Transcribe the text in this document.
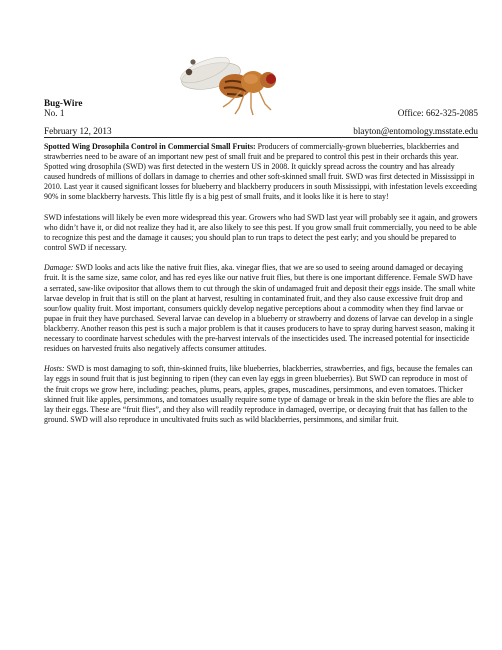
Bug-Wire
No. 1	Office: 662-325-2085
February 12, 2013	blayton@entomology.msstate.edu

Spotted Wing Drosophila Control in Commercial Small Fruits: Producers of commercially-grown blueberries, blackberries and strawberries need to be aware of an important new pest of small fruit and be prepared to control this pest in their orchards this year. Spotted wing drosophila (SWD) was first detected in the western US in 2008. It quickly spread across the country and has already caused hundreds of millions of dollars in damage to cherries and other soft-skinned small fruit. SWD was first detected in Mississippi in 2010. Last year it caused significant losses for blueberry and blackberry producers in south Mississippi, with infestation levels exceeding 90% in some blackberry harvests. This little fly is a big pest of small fruits, and it looks like it is here to stay!

SWD infestations will likely be even more widespread this year. Growers who had SWD last year will probably see it again, and growers who didn’t have it, or did not realize they had it, are also likely to see this pest. If you grow small fruit commercially, you need to be able to recognize this pest and the damage it causes; you should plan to run traps to detect the pest early; and you should be prepared to control SWD if necessary.

Damage: SWD looks and acts like the native fruit flies, aka. vinegar flies, that we are so used to seeing around damaged or decaying fruit. It is the same size, same color, and has red eyes like our native fruit flies, but there is one important difference. Female SWD have a serrated, saw-like ovipositor that allows them to cut through the skin of undamaged fruit and deposit their eggs inside. The small white larvae develop in fruit that is still on the plant at harvest, resulting in contaminated fruit, and they also cause excessive fruit drop and sour/low quality fruit. Most important, consumers quickly develop negative perceptions about a commodity when they find larvae or pupae in fruit they have purchased. Several larvae can develop in a blueberry or strawberry and dozens of larvae can develop in a single blackberry. Another reason this pest is such a major problem is that it causes producers to have to spray during harvest season, making it necessary to coordinate harvest schedules with the pre-harvest intervals of the insecticides used. The increased potential for insecticide residues on harvested fruits also negatively affects consumer attitudes.

Hosts: SWD is most damaging to soft, thin-skinned fruits, like blueberries, blackberries, strawberries, and figs, because the females can lay eggs in sound fruit that is just beginning to ripen (they can even lay eggs in green blueberries). But SWD can reproduce in most of the fruit crops we grow here, including: peaches, plums, pears, apples, grapes, muscadines, persimmons, and even tomatoes. Thicker skinned fruit like apples, persimmons, and tomatoes usually require some type of damage or break in the skin before the flies are able to lay their eggs. These are “fruit flies”, and they also will readily reproduce in damaged, overripe, or decaying fruit that has fallen to the ground. SWD will also reproduce in uncultivated fruits such as wild blackberries, persimmons, and similar fruit.
